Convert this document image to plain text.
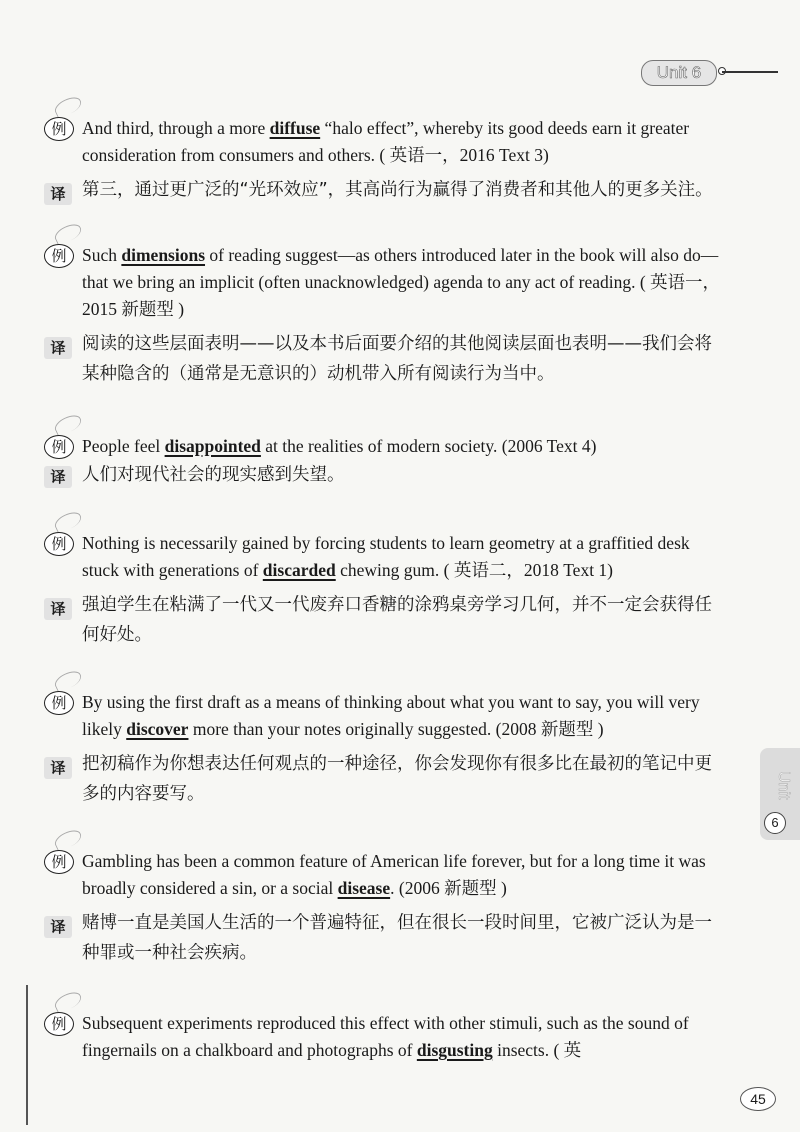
Unit 6
Unit
6
例 And third, through a more diffuse “halo effect”, whereby its good deeds earn it greater consideration from consumers and others. ( 英语一，2016 Text 3)
译 第三，通过更广泛的“光环效应”，其高尚行为赢得了消费者和其他人的更多关注。
例 Such dimensions of reading suggest—as others introduced later in the book will also do—that we bring an implicit (often unacknowledged) agenda to any act of reading. ( 英语一，2015 新题型 )
译 阅读的这些层面表明——以及本书后面要介绍的其他阅读层面也表明——我们会将某种隐含的（通常是无意识的）动机带入所有阅读行为当中。
例 People feel disappointed at the realities of modern society. (2006 Text 4)
译 人们对现代社会的现实感到失望。
例 Nothing is necessarily gained by forcing students to learn geometry at a graffitied desk stuck with generations of discarded chewing gum. ( 英语二，2018 Text 1)
译 强迫学生在粘满了一代又一代废弃口香糖的涂鸦桌旁学习几何，并不一定会获得任何好处。
例 By using the first draft as a means of thinking about what you want to say, you will very likely discover more than your notes originally suggested. (2008 新题型 )
译 把初稿作为你想表达任何观点的一种途径，你会发现你有很多比在最初的笔记中更多的内容要写。
例 Gambling has been a common feature of American life forever, but for a long time it was broadly considered a sin, or a social disease. (2006 新题型 )
译 赌博一直是美国人生活的一个普遍特征，但在很长一段时间里，它被广泛认为是一种罪或一种社会疾病。
例 Subsequent experiments reproduced this effect with other stimuli, such as the sound of fingernails on a chalkboard and photographs of disgusting insects. ( 英
45
